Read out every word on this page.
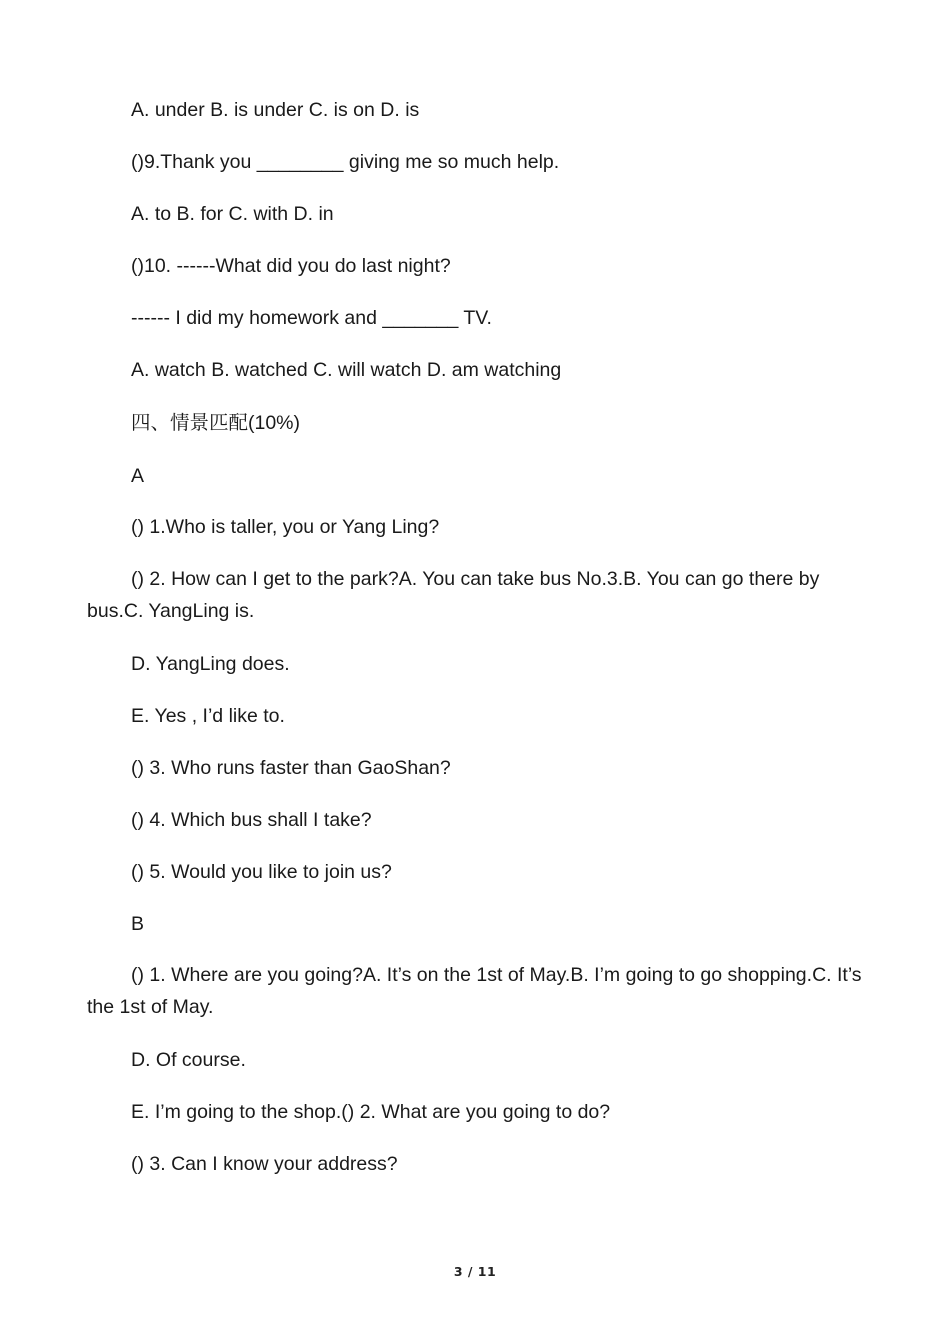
A. under B. is under C. is on D. is
()9.Thank you ________ giving me so much help.
A. to B. for C. with D. in
()10. ------What did you do last night?
------ I did my homework and _______ TV.
A. watch B. watched C. will watch D. am watching
四、情景匹配(10%)
A
() 1.Who is taller, you or Yang Ling?
() 2. How can I get to the park?A. You can take bus No.3.B. You can go there by bus.C. YangLing is.
D. YangLing does.
E. Yes , I’d like to.
() 3. Who runs faster than GaoShan?
() 4. Which bus shall I take?
() 5. Would you like to join us?
B
() 1. Where are you going?A. It’s on the 1st of May.B. I’m going to go shopping.C. It’s the 1st of May.
D. Of course.
E. I’m going to the shop.() 2. What are you going to do?
() 3. Can I know your address?
3 / 11
